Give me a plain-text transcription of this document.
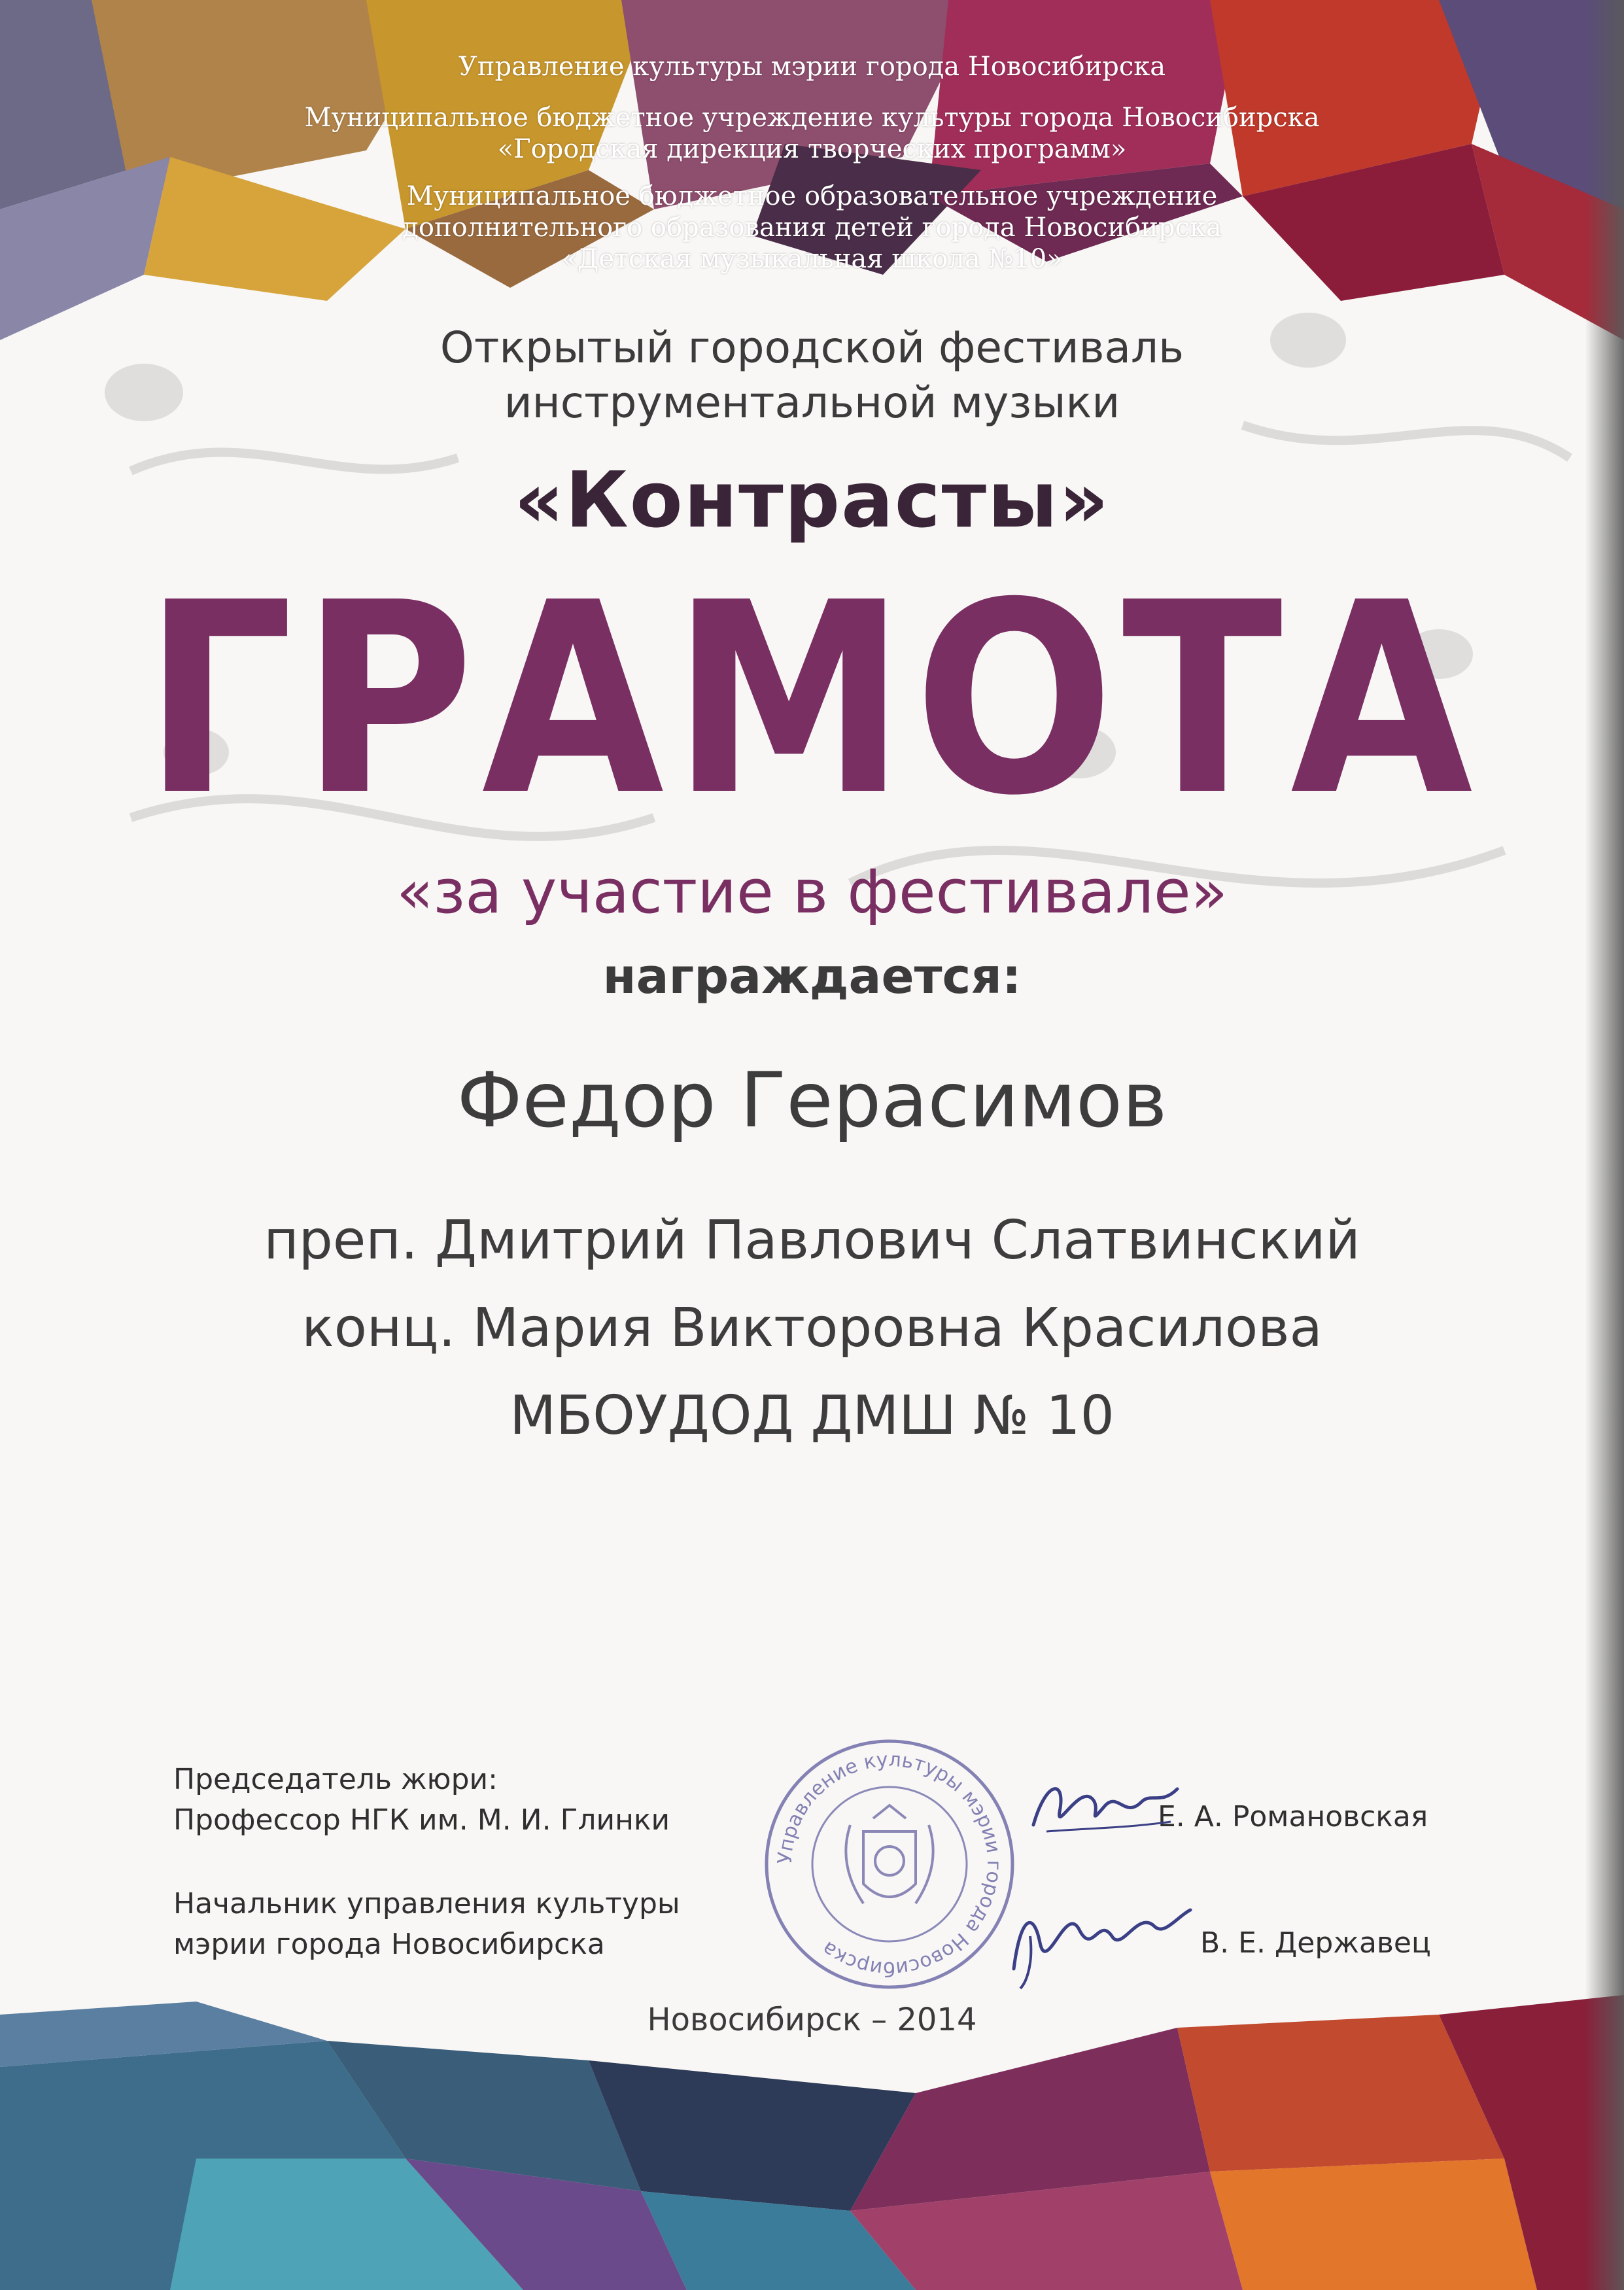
Управление культуры мэрии города Новосибирска
Муниципальное бюджетное учреждение культуры города Новосибирска
«Городская дирекция творческих программ»
Муниципальное бюджетное образовательное учреждение
дополнительного образования детей города Новосибирска
«Детская музыкальная школа №10»
Открытый городской фестиваль
инструментальной музыки
«Контрасты»
ГРАМОТА
«за участие в фестивале»
награждается:
Федор Герасимов
преп. Дмитрий Павлович Слатвинский
конц. Мария Викторовна Красилова
МБОУДОД ДМШ № 10
Председатель жюри:
Профессор НГК им. М. И. Глинки	Е. А. Романовская
Начальник управления культуры
мэрии города Новосибирска	В. Е. Державец
Управление культуры мэрии города Новосибирска
Новосибирск – 2014
